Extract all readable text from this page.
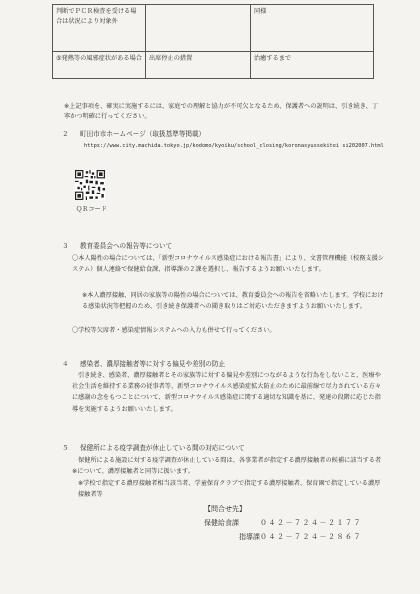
判断でＰＣＲ検査を受ける場合は状況により対象外		同様
⑤発熱等の風邪症状がある場合	出席停止の措置	治癒するまで
※上記事項を、確実に実施するには、家庭での理解と協力が不可欠となるため、保護者への説明は、引き続き、丁寧かつ明確に行ってください。
２ 町田市市ホームページ（取扱基準等掲載）
https://www.city.machida.tokyo.jp/kodomo/kyoiku/school_closing/koronasyussekitei si202007.html
ＱＲコード
３ 教育委員会への報告等について
〇本人陽性の場合については、「新型コロナウイルス感染症における報告書」により、文書管理機能（校務支援システム）個人連絡で保健給食課、指導課の２課を選択し、報告するようお願いいたします。
※本人濃厚接触、同居の家族等の陽性の場合については、教育委員会への報告を省略いたします。学校における感染状況等把握のため、引き続き保護者への聞き取りはご対応いただきますようお願いいたします。
〇学校等欠席者・感染症情報システムへの入力も併せて行ってください。
４ 感染者、濃厚接触者等に対する偏見や差別の防止
引き続き、感染者、濃厚接触者とその家族等に対する偏見や差別につながるような行為をしないこと、医療や社会生活を維持する業務の従事者等、新型コロナウイルス感染症拡大防止のために最前線で尽力されている方々に感謝の念をもつことについて、新型コロナウイルス感染症に関する適切な知識を基に、発達の段階に応じた指導を実施するようお願いいたします。
５ 保健所による疫学調査が休止している間の対応について
保健所による施設に対する疫学調査が休止している間は、各事業者が指定する濃厚接触者の候補に該当する者※について、濃厚接触者と同等に扱います。
※学校で指定する濃厚接触者相当該当者、学童保育クラブで指定する濃厚接触者、保育園で指定している濃厚接触者等
【問合せ先】
保健給食課	０４２－７２４－２１７７
指導課０４２－７２４－２８６７
